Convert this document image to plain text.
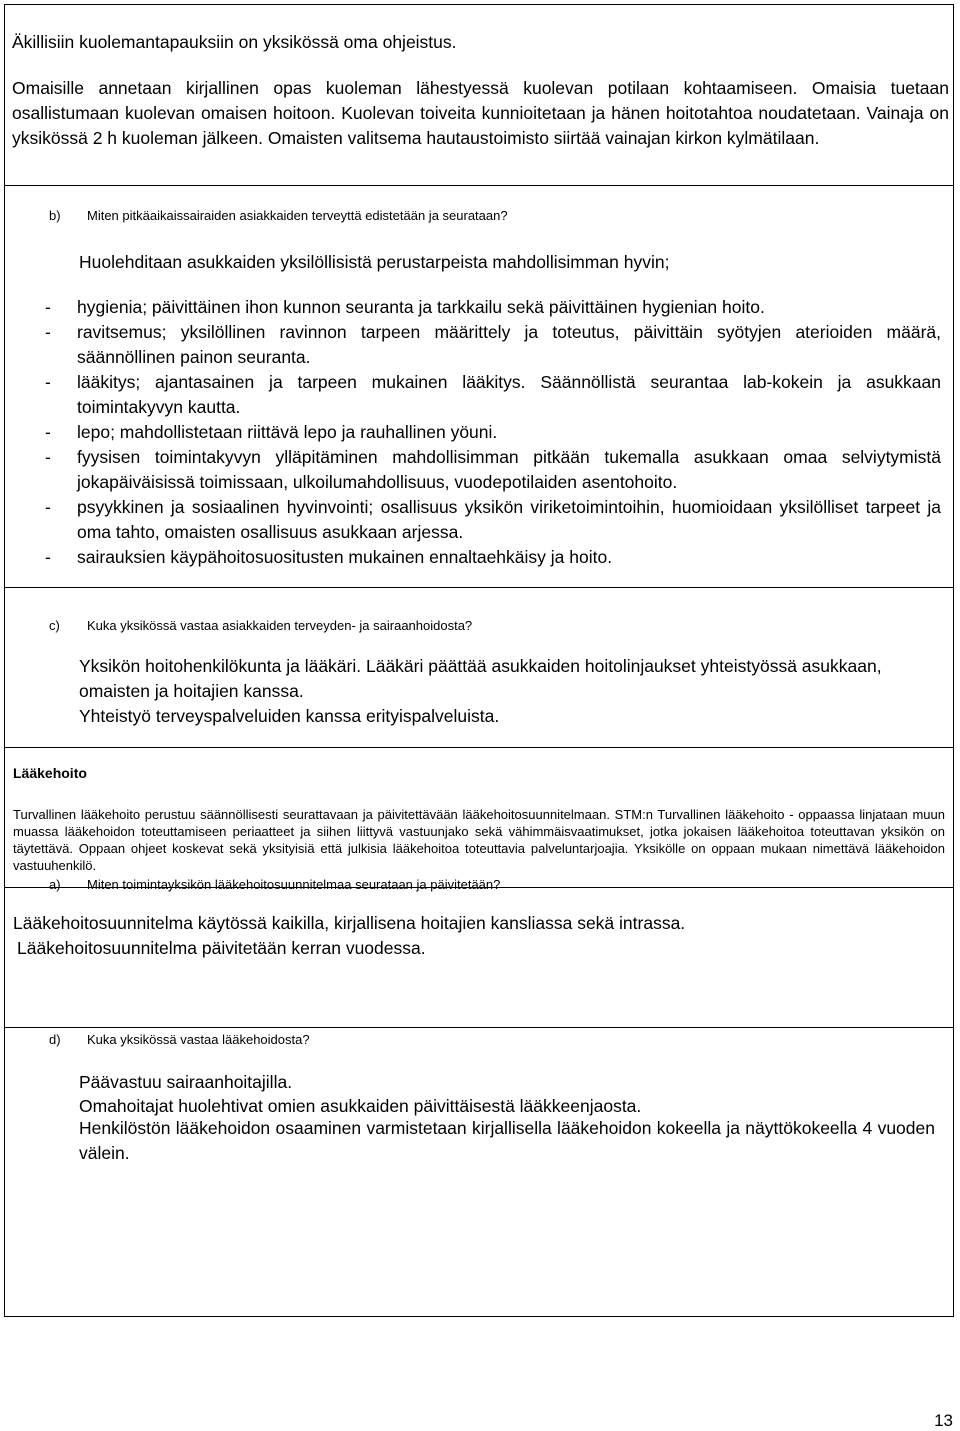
Äkillisiin kuolemantapauksiin on yksikössä oma ohjeistus.

Omaisille annetaan kirjallinen opas kuoleman lähestyessä kuolevan potilaan kohtaamiseen. Omaisia tuetaan osallistumaan kuolevan omaisen hoitoon. Kuolevan toiveita kunnioitetaan ja hänen hoitotahtoa noudatetaan. Vainaja on yksikössä 2 h kuoleman jälkeen. Omaisten valitsema hautaustoimisto siirtää vainajan kirkon kylmätilaan.

b) Miten pitkäaikaissairaiden asiakkaiden terveyttä edistetään ja seurataan?

Huolehditaan asukkaiden yksilöllisistä perustarpeista mahdollisimman hyvin;

- hygienia; päivittäinen ihon kunnon seuranta ja tarkkailu sekä päivittäinen hygienian hoito.
- ravitsemus; yksilöllinen ravinnon tarpeen määrittely ja toteutus, päivittäin syötyjen aterioiden määrä, säännöllinen painon seuranta.
- lääkitys; ajantasainen ja tarpeen mukainen lääkitys. Säännöllistä seurantaa lab-kokein ja asukkaan toimintakyvyn kautta.
- lepo; mahdollistetaan riittävä lepo ja rauhallinen yöuni.
- fyysisen toimintakyvyn ylläpitäminen mahdollisimman pitkään tukemalla asukkaan omaa selviytymistä jokapäiväisissä toimissaan, ulkoilumahdollisuus, vuodepotilaiden asentohoito.
- psyykkinen ja sosiaalinen hyvinvointi; osallisuus yksikön viriketoimintoihin, huomioidaan yksilölliset tarpeet ja oma tahto, omaisten osallisuus asukkaan arjessa.
- sairauksien käypähoitosuositusten mukainen ennaltaehkäisy ja hoito.
c) Kuka yksikössä vastaa asiakkaiden terveyden- ja sairaanhoidosta?

Yksikön hoitohenkilökunta ja lääkäri. Lääkäri päättää asukkaiden hoitolinjaukset yhteistyössä asukkaan, omaisten ja hoitajien kanssa.

Yhteistyö terveyspalveluiden kanssa erityispalveluista.

Lääkehoito

Turvallinen lääkehoito perustuu säännöllisesti seurattavaan ja päivitettävään lääkehoitosuunnitelmaan. STM:n Turvallinen lääkehoito - oppaassa linjataan muun muassa lääkehoidon toteuttamiseen periaatteet ja siihen liittyvä vastuunjako sekä vähimmäisvaatimukset, jotka jokaisen lääkehoitoa toteuttavan yksikön on täytettävä. Oppaan ohjeet koskevat sekä yksityisiä että julkisia lääkehoitoa toteuttavia palveluntarjoajia. Yksikölle on oppaan mukaan nimettävä lääkehoidon vastuuhenkilö.

a) Miten toimintayksikön lääkehoitosuunnitelmaa seurataan ja päivitetään?

Lääkehoitosuunnitelma käytössä kaikilla, kirjallisena hoitajien kansliassa sekä intrassa.

Lääkehoitosuunnitelma päivitetään kerran vuodessa.

d) Kuka yksikössä vastaa lääkehoidosta?

Päävastuu sairaanhoitajilla.

Omahoitajat huolehtivat omien asukkaiden päivittäisestä lääkkeenjaosta.

Henkilöstön lääkehoidon osaaminen varmistetaan kirjallisella lääkehoidon kokeella ja näyttökokeella 4 vuoden välein.

13
